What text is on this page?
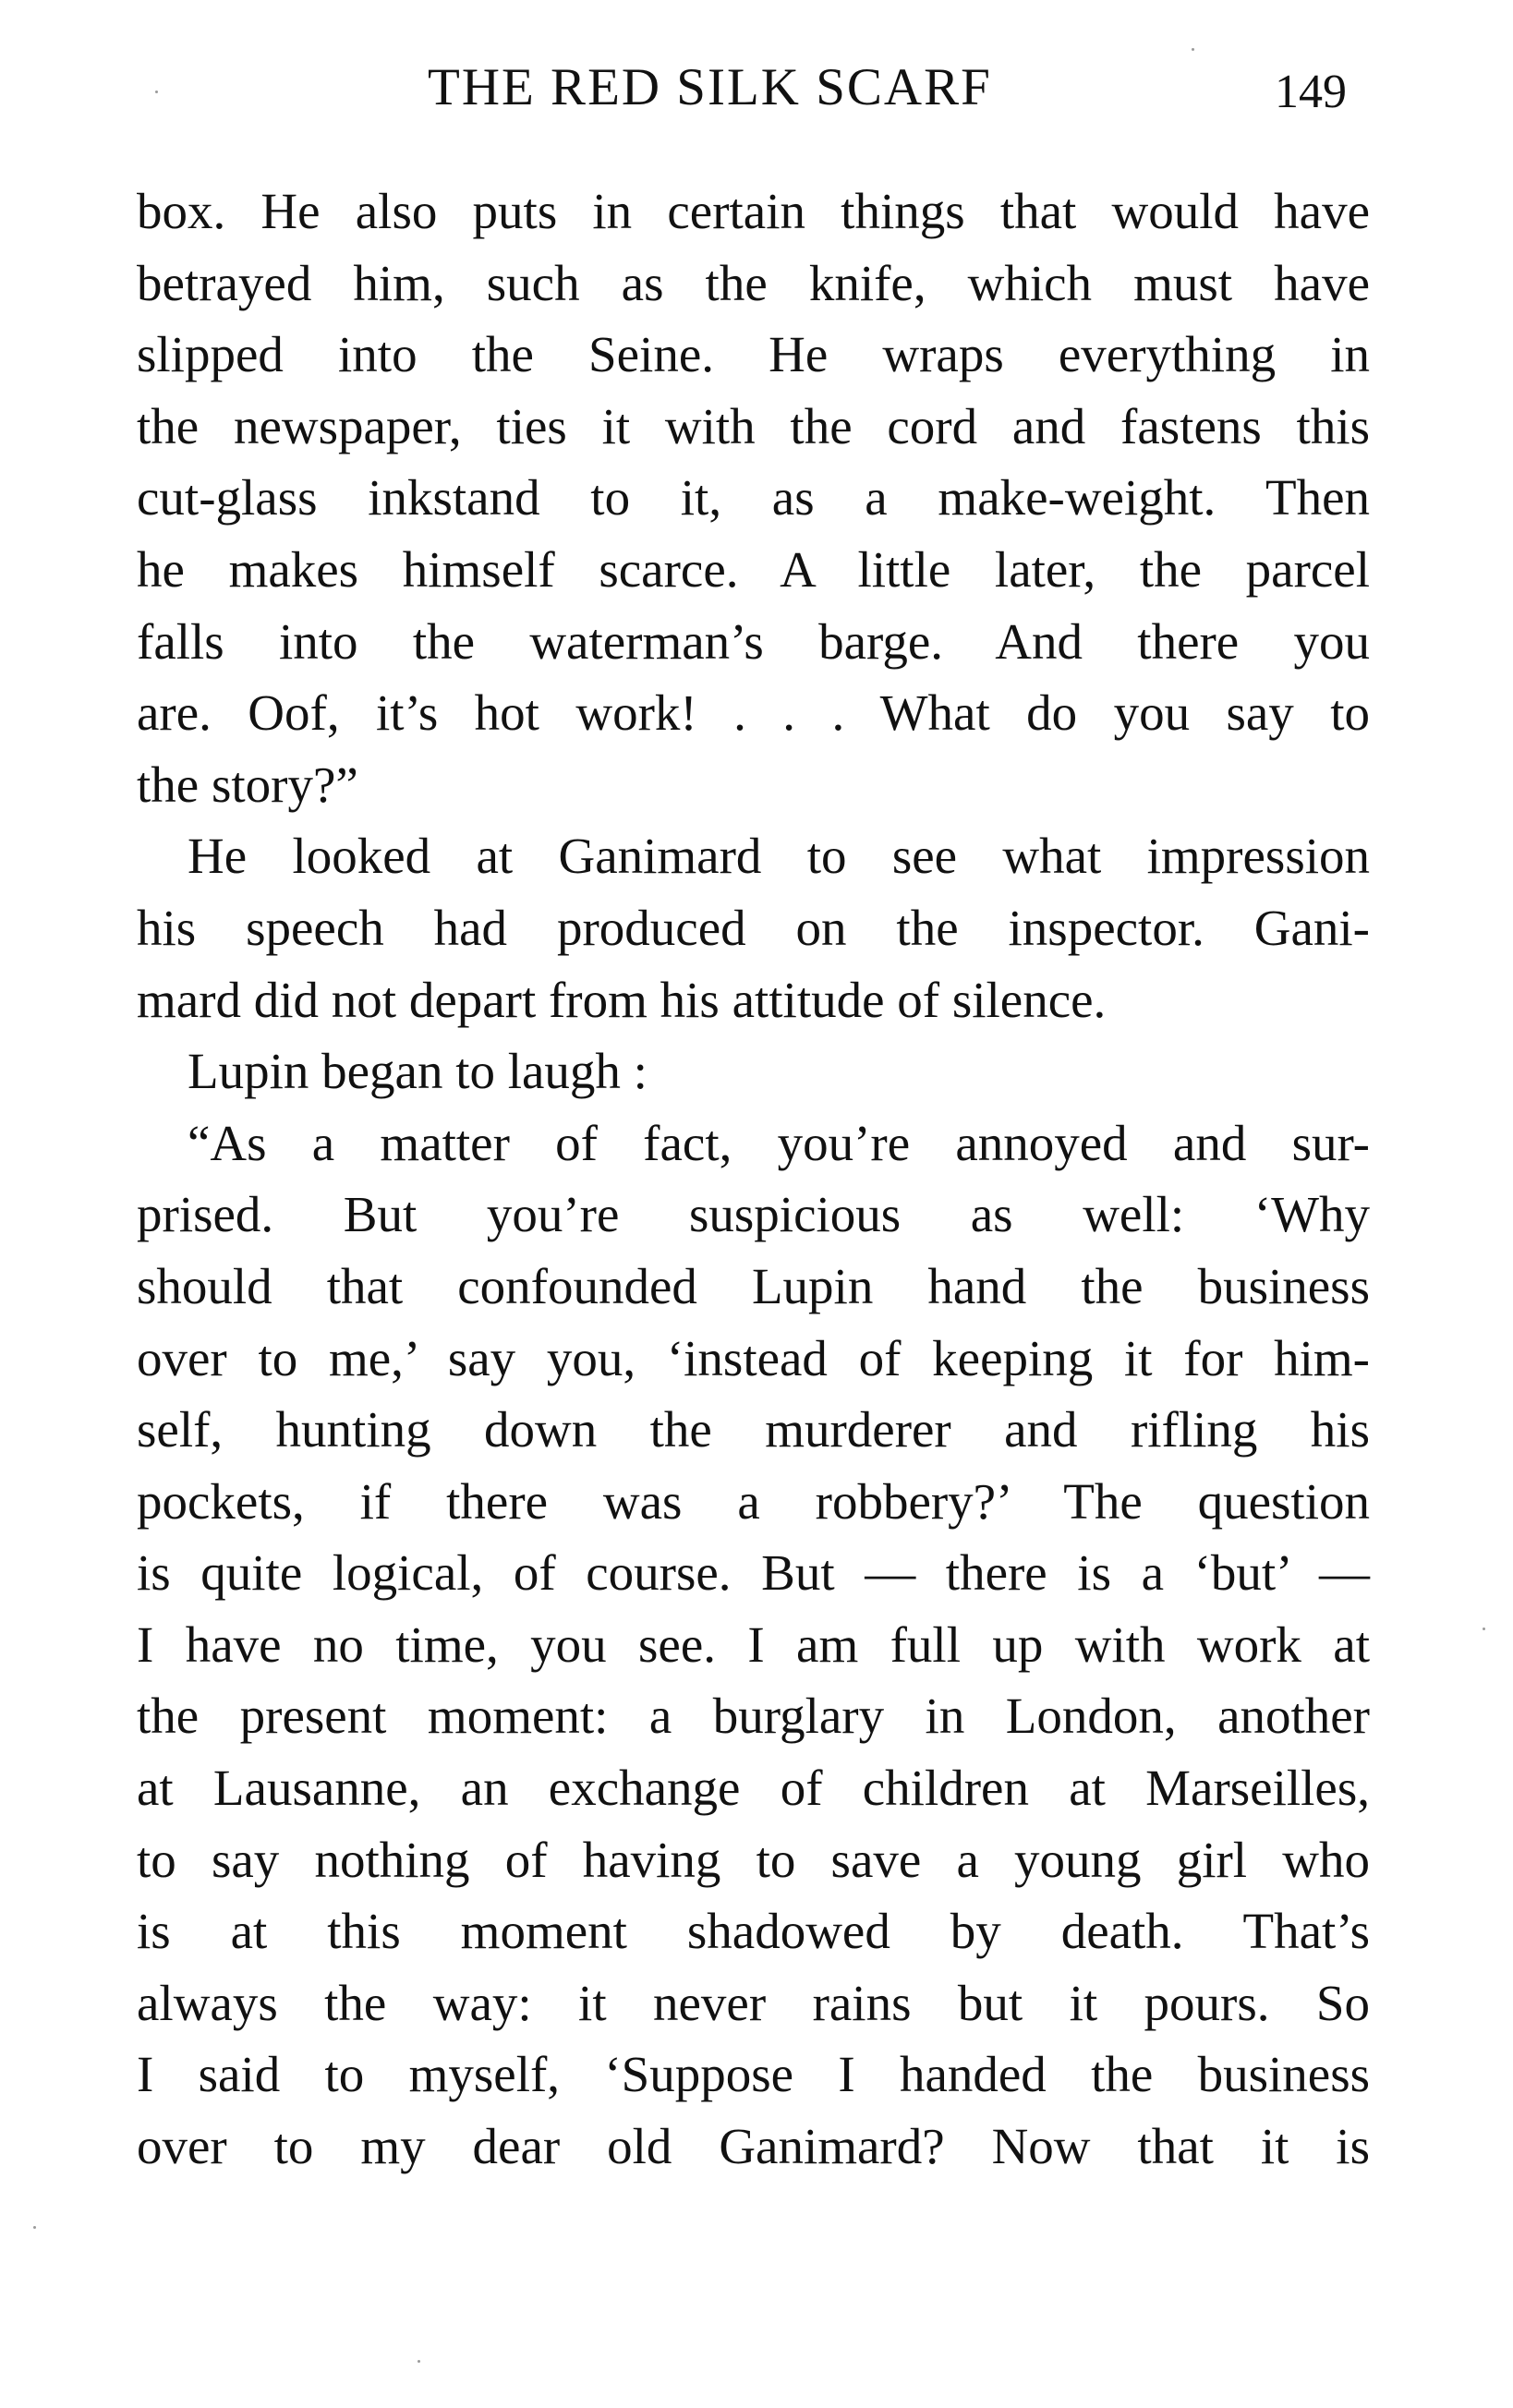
THE RED SILK SCARF	149
box. He also puts in certain things that would have
betrayed him, such as the knife, which must have
slipped into the Seine. He wraps everything in
the newspaper, ties it with the cord and fastens this
cut-glass inkstand to it, as a make-weight. Then
he makes himself scarce. A little later, the parcel
falls into the waterman’s barge. And there you
are. Oof, it’s hot work! . . . What do you say to
the story?”
He looked at Ganimard to see what impression
his speech had produced on the inspector. Gani-
mard did not depart from his attitude of silence.
Lupin began to laugh :
“As a matter of fact, you’re annoyed and sur-
prised. But you’re suspicious as well: ‘Why
should that confounded Lupin hand the business
over to me,’ say you, ‘instead of keeping it for him-
self, hunting down the murderer and rifling his
pockets, if there was a robbery?’ The question
is quite logical, of course. But — there is a ‘but’ —
I have no time, you see. I am full up with work at
the present moment: a burglary in London, another
at Lausanne, an exchange of children at Marseilles,
to say nothing of having to save a young girl who
is at this moment shadowed by death. That’s
always the way: it never rains but it pours. So
I said to myself, ‘Suppose I handed the business
over to my dear old Ganimard? Now that it is
